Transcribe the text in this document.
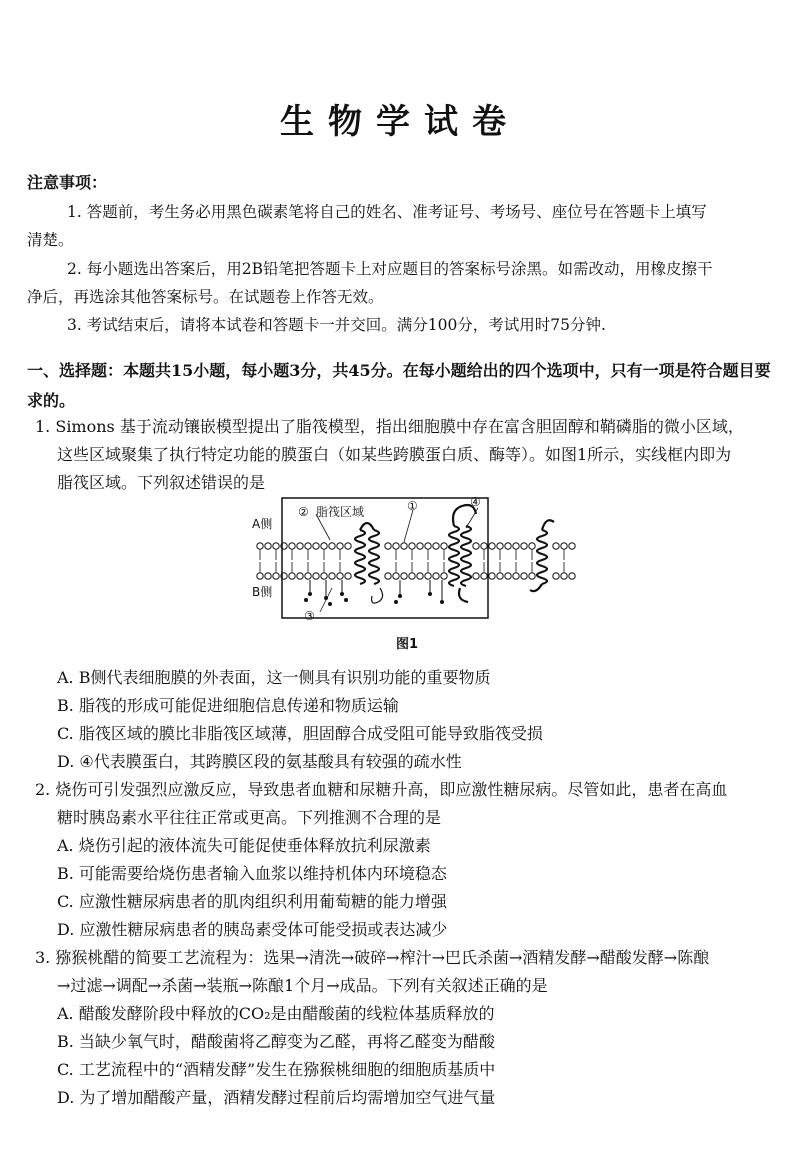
生物学试卷
注意事项：
1. 答题前，考生务必用黑色碳素笔将自己的姓名、准考证号、考场号、座位号在答题卡上填写
清楚。
2. 每小题选出答案后，用2B铅笔把答题卡上对应题目的答案标号涂黑。如需改动，用橡皮擦干
净后，再选涂其他答案标号。在试题卷上作答无效。
3. 考试结束后，请将本试卷和答题卡一并交回。满分100分，考试用时75分钟.
一、选择题：本题共15小题，每小题3分，共45分。在每小题给出的四个选项中，只有一项是符合题目要求的。
1. Simons 基于流动镶嵌模型提出了脂筏模型，指出细胞膜中存在富含胆固醇和鞘磷脂的微小区域，
这些区域聚集了执行特定功能的膜蛋白（如某些跨膜蛋白质、酶等）。如图1所示，实线框内即为
脂筏区域。下列叙述错误的是
A侧
B侧
② 脂筏区域	①
③
④
图1
A. B侧代表细胞膜的外表面，这一侧具有识别功能的重要物质
B. 脂筏的形成可能促进细胞信息传递和物质运输
C. 脂筏区域的膜比非脂筏区域薄，胆固醇合成受阻可能导致脂筏受损
D. ④代表膜蛋白，其跨膜区段的氨基酸具有较强的疏水性
2. 烧伤可引发强烈应激反应，导致患者血糖和尿糖升高，即应激性糖尿病。尽管如此，患者在高血
糖时胰岛素水平往往正常或更高。下列推测不合理的是
A. 烧伤引起的液体流失可能促使垂体释放抗利尿激素
B. 可能需要给烧伤患者输入血浆以维持机体内环境稳态
C. 应激性糖尿病患者的肌肉组织利用葡萄糖的能力增强
D. 应激性糖尿病患者的胰岛素受体可能受损或表达减少
3. 猕猴桃醋的简要工艺流程为：选果→清洗→破碎→榨汁→巴氏杀菌→酒精发酵→醋酸发酵→陈酿
→过滤→调配→杀菌→装瓶→陈酿1个月→成品。下列有关叙述正确的是
A. 醋酸发酵阶段中释放的CO₂是由醋酸菌的线粒体基质释放的
B. 当缺少氧气时，醋酸菌将乙醇变为乙醛，再将乙醛变为醋酸
C. 工艺流程中的“酒精发酵”发生在猕猴桃细胞的细胞质基质中
D. 为了增加醋酸产量，酒精发酵过程前后均需增加空气进气量
